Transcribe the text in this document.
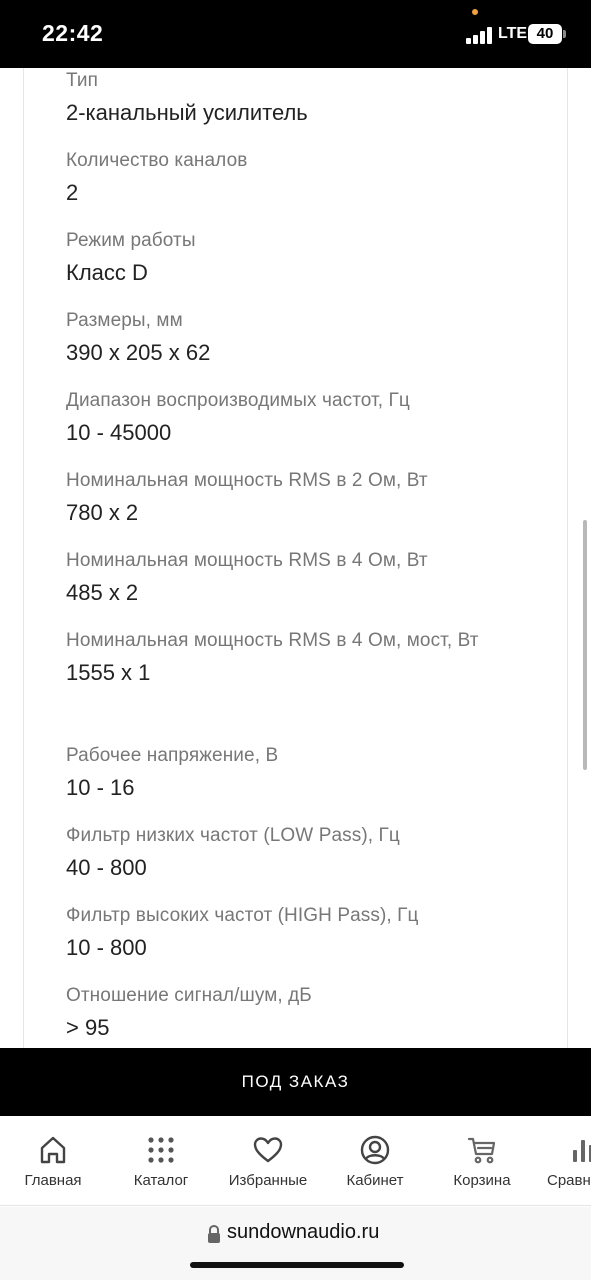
22:42	LTE 40
Тип
2-канальный усилитель
Количество каналов
2
Режим работы
Класс D
Размеры, мм
390 x 205 x 62
Диапазон воспроизводимых частот, Гц
10 - 45000
Номинальная мощность RMS в 2 Ом, Вт
780 x 2
Номинальная мощность RMS в 4 Ом, Вт
485 x 2
Номинальная мощность RMS в 4 Ом, мост, Вт
1555 x 1
Рабочее напряжение, В
10 - 16
Фильтр низких частот (LOW Pass), Гц
40 - 800
Фильтр высоких частот (HIGH Pass), Гц
10 - 800
Отношение сигнал/шум, дБ
> 95
ПОД ЗАКАЗ
Главная	Каталог	Избранные	Кабинет	Корзина	Сравн
sundownaudio.ru
